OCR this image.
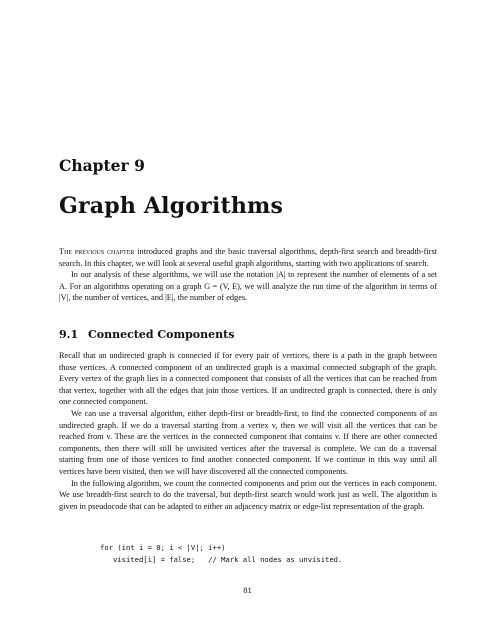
Chapter 9
Graph Algorithms

The previous chapter introduced graphs and the basic traversal algorithms, depth-first search and breadth-first search. In this chapter, we will look at several useful graph algorithms, starting with two applications of search.

In our analysis of these algorithms, we will use the notation |A| to represent the number of elements of a set A. For an algorithms operating on a graph G = (V, E), we will analyze the run time of the algorithm in terms of |V|, the number of vertices, and |E|, the number of edges.

9.1 Connected Components

Recall that an undirected graph is connected if for every pair of vertices, there is a path in the graph between those vertices. A connected component of an undirected graph is a maximal connected subgraph of the graph. Every vertex of the graph lies in a connected component that consists of all the vertices that can be reached from that vertex, together with all the edges that join those vertices. If an undirected graph is connected, there is only one connected component.

We can use a traversal algorithm, either depth-first or breadth-first, to find the connected components of an undirected graph. If we do a traversal starting from a vertex v, then we will visit all the vertices that can be reached from v. These are the vertices in the connected component that contains v. If there are other connected components, then there will still be unvisited vertices after the traversal is complete. We can do a traversal starting from one of those vertices to find another connected component. If we continue in this way until all vertices have been visited, then we will have discovered all the connected components.

In the following algorithm, we count the connected components and print out the vertices in each component. We use breadth-first search to do the traversal, but depth-first search would work just as well. The algorithm is given in pseudocode that can be adapted to either an adjacency matrix or edge-list representation of the graph.

for (int i = 0; i < |V|; i++)
visited[i] = false;   // Mark all nodes as unvisited.
81
